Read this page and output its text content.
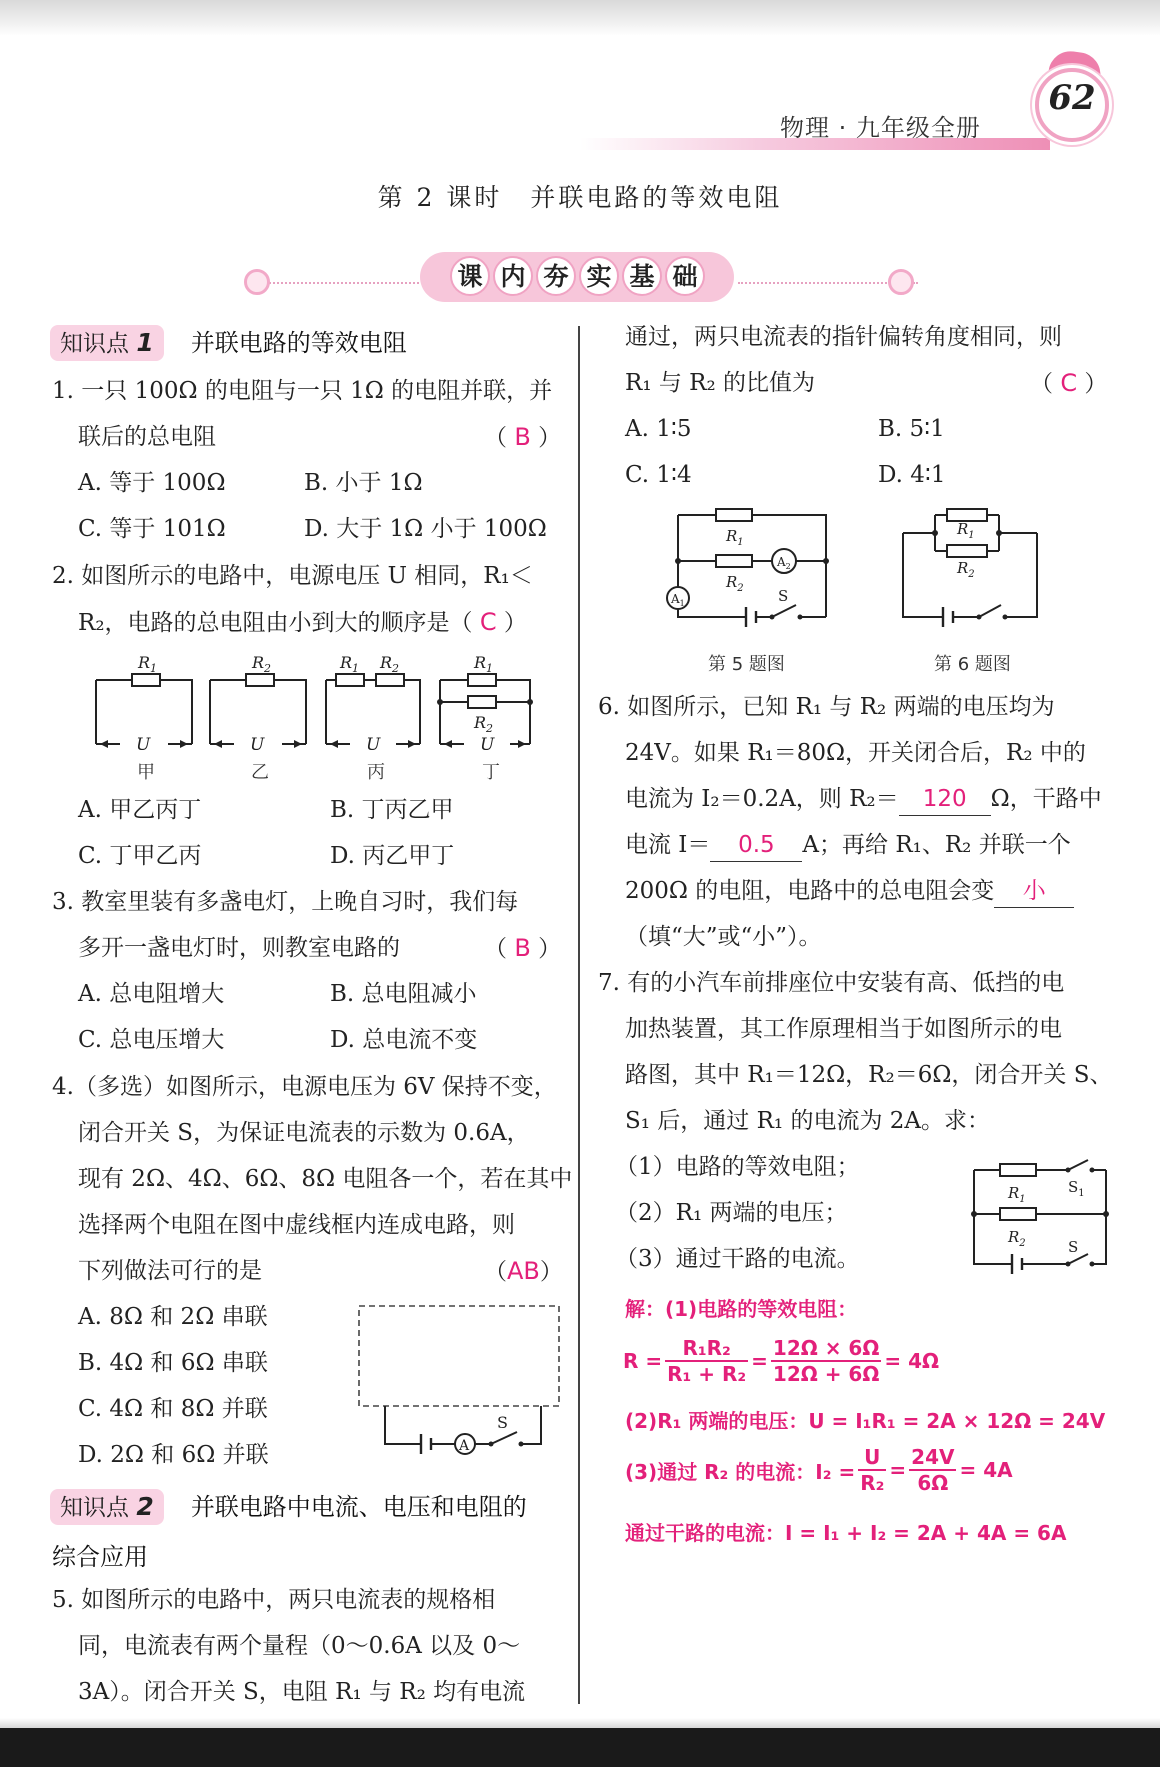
物理 · 九年级全册
62
第 2 课时　并联电路的等效电阻
课 内 夯 实 基 础
知识点 1 并联电路的等效电阻
1. 一只 100Ω 的电阻与一只 1Ω 的电阻并联，并
联后的总电阻	（ B ）
A. 等于 100Ω	B. 小于 1Ω
C. 等于 101Ω	D. 大于 1Ω 小于 100Ω
2. 如图所示的电路中，电源电压 U 相同，R₁＜
R₂，电路的总电阻由小到大的顺序是（ C ）
$R_1$	$R_2$	$R_1$ $R_2$	$R_1$
$R_2$
U	U	U	U
甲	乙	丙	丁
A. 甲乙丙丁	B. 丁丙乙甲
C. 丁甲乙丙	D. 丙乙甲丁
3. 教室里装有多盏电灯，上晚自习时，我们每
多开一盏电灯时，则教室电路的	（ B ）
A. 总电阻增大	B. 总电阻减小
C. 总电压增大	D. 总电流不变
4.（多选）如图所示，电源电压为 6V 保持不变，
闭合开关 S，为保证电流表的示数为 0.6A，
现有 2Ω、4Ω、6Ω、8Ω 电阻各一个，若在其中
选择两个电阻在图中虚线框内连成电路，则
下列做法可行的是	（AB）
A. 8Ω 和 2Ω 串联
B. 4Ω 和 6Ω 串联
C. 4Ω 和 8Ω 并联
D. 2Ω 和 6Ω 并联	A
S
知识点 2 并联电路中电流、电压和电阻的
综合应用
5. 如图所示的电路中，两只电流表的规格相
同，电流表有两个量程（0～0.6A 以及 0～
3A）。闭合开关 S，电阻 R₁ 与 R₂ 均有电流
通过，两只电流表的指针偏转角度相同，则
R₁ 与 R₂ 的比值为	（ C ）
A. 1∶5	B. 5∶1
C. 1∶4	D. 4∶1
$R_1$
$R_2$
$A_2$
$A_1$	S
$R_1$
$R_2$
第 5 题图	第 6 题图
6. 如图所示，已知 R₁ 与 R₂ 两端的电压均为
24V。如果 R₁＝80Ω，开关闭合后，R₂ 中的
电流为 I₂＝0.2A，则 R₂＝ 120 Ω，干路中
电流 I＝ 0.5 A；再给 R₁、R₂ 并联一个
200Ω 的电阻，电路中的总电阻会变 小
（填“大”或“小”）。
7. 有的小汽车前排座位中安装有高、低挡的电
加热装置，其工作原理相当于如图所示的电
路图，其中 R₁＝12Ω，R₂＝6Ω，闭合开关 S、
S₁ 后，通过 R₁ 的电流为 2A。求：
（1）电路的等效电阻；
（2）R₁ 两端的电压；
（3）通过干路的电流。
$R_1$
$R_2$
$S_1$
S
解：(1)电路的等效电阻：
$R = \frac{\text{R₁R₂}}{\text{R₁ + R₂}} = \frac{12\Omega \times 6\Omega}{12\Omega + 6\Omega} = 4\Omega$
(2)R₁ 两端的电压：U = I₁R₁ = 2A × 12Ω = 24V
(3)通过 R₂ 的电流：$I_2 = \frac{U}{\text{R₂}} = \frac{24V}{6\Omega} = 4A$
通过干路的电流：I = I₁ + I₂ = 2A + 4A = 6A
